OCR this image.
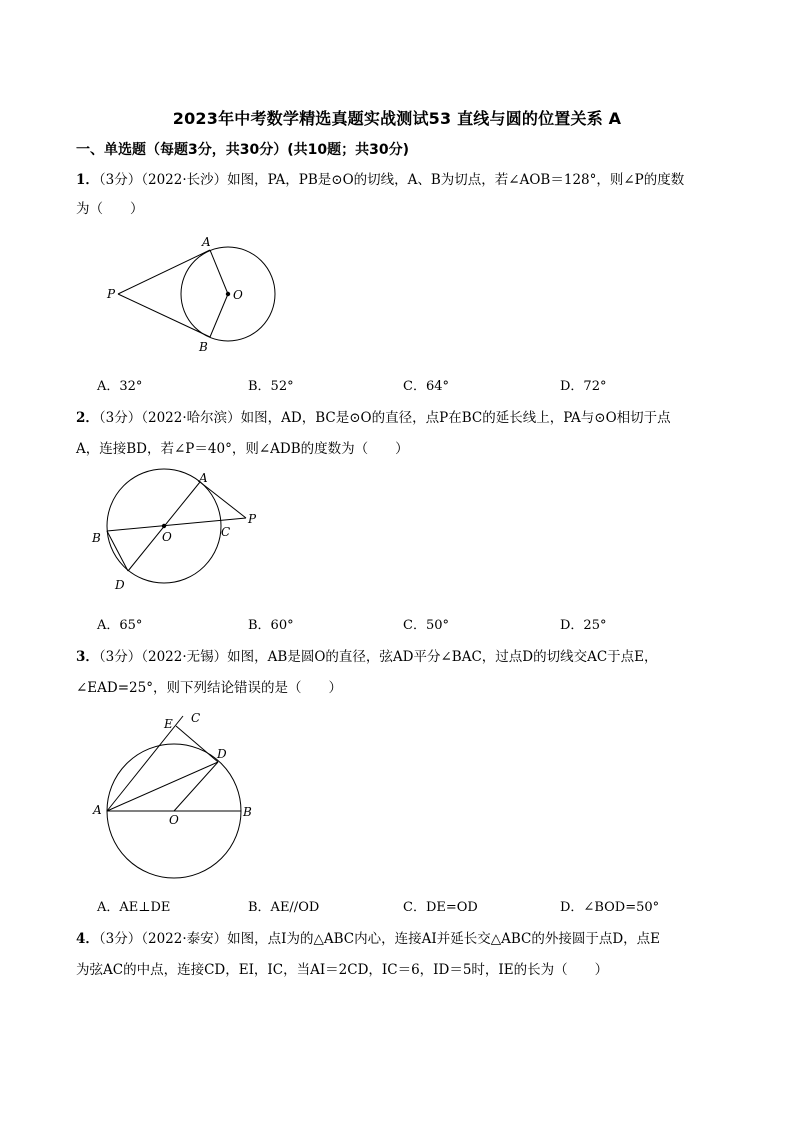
2023年中考数学精选真题实战测试53 直线与圆的位置关系 A
一、单选题（每题3分，共30分）(共10题；共30分)
1．（3分）（2022·长沙）如图，PA，PB是⊙O的切线，A、B为切点，若∠AOB＝128°，则∠P的度数
为（　　）
A
P	O
B
A．32°	B．52°	C．64°	D．72°
2．（3分）（2022·哈尔滨）如图，AD，BC是⊙O的直径，点P在BC的延长线上，PA与⊙O相切于点
A，连接BD，若∠P＝40°，则∠ADB的度数为（　　）
A
P
B	O	C
D
A．65°	B．60°	C．50°	D．25°
3．（3分）（2022·无锡）如图，AB是圆O的直径，弦AD平分∠BAC，过点D的切线交AC于点E，
∠EAD=25°，则下列结论错误的是（　　）
E C
D
A
O
B
A．AE⊥DE	B．AE//OD	C．DE=OD	D．∠BOD=50°
4．（3分）（2022·泰安）如图，点I为的△ABC内心，连接AI并延长交△ABC的外接圆于点D，点E
为弦AC的中点，连接CD，EI，IC，当AI＝2CD，IC＝6，ID＝5时，IE的长为（　　）
